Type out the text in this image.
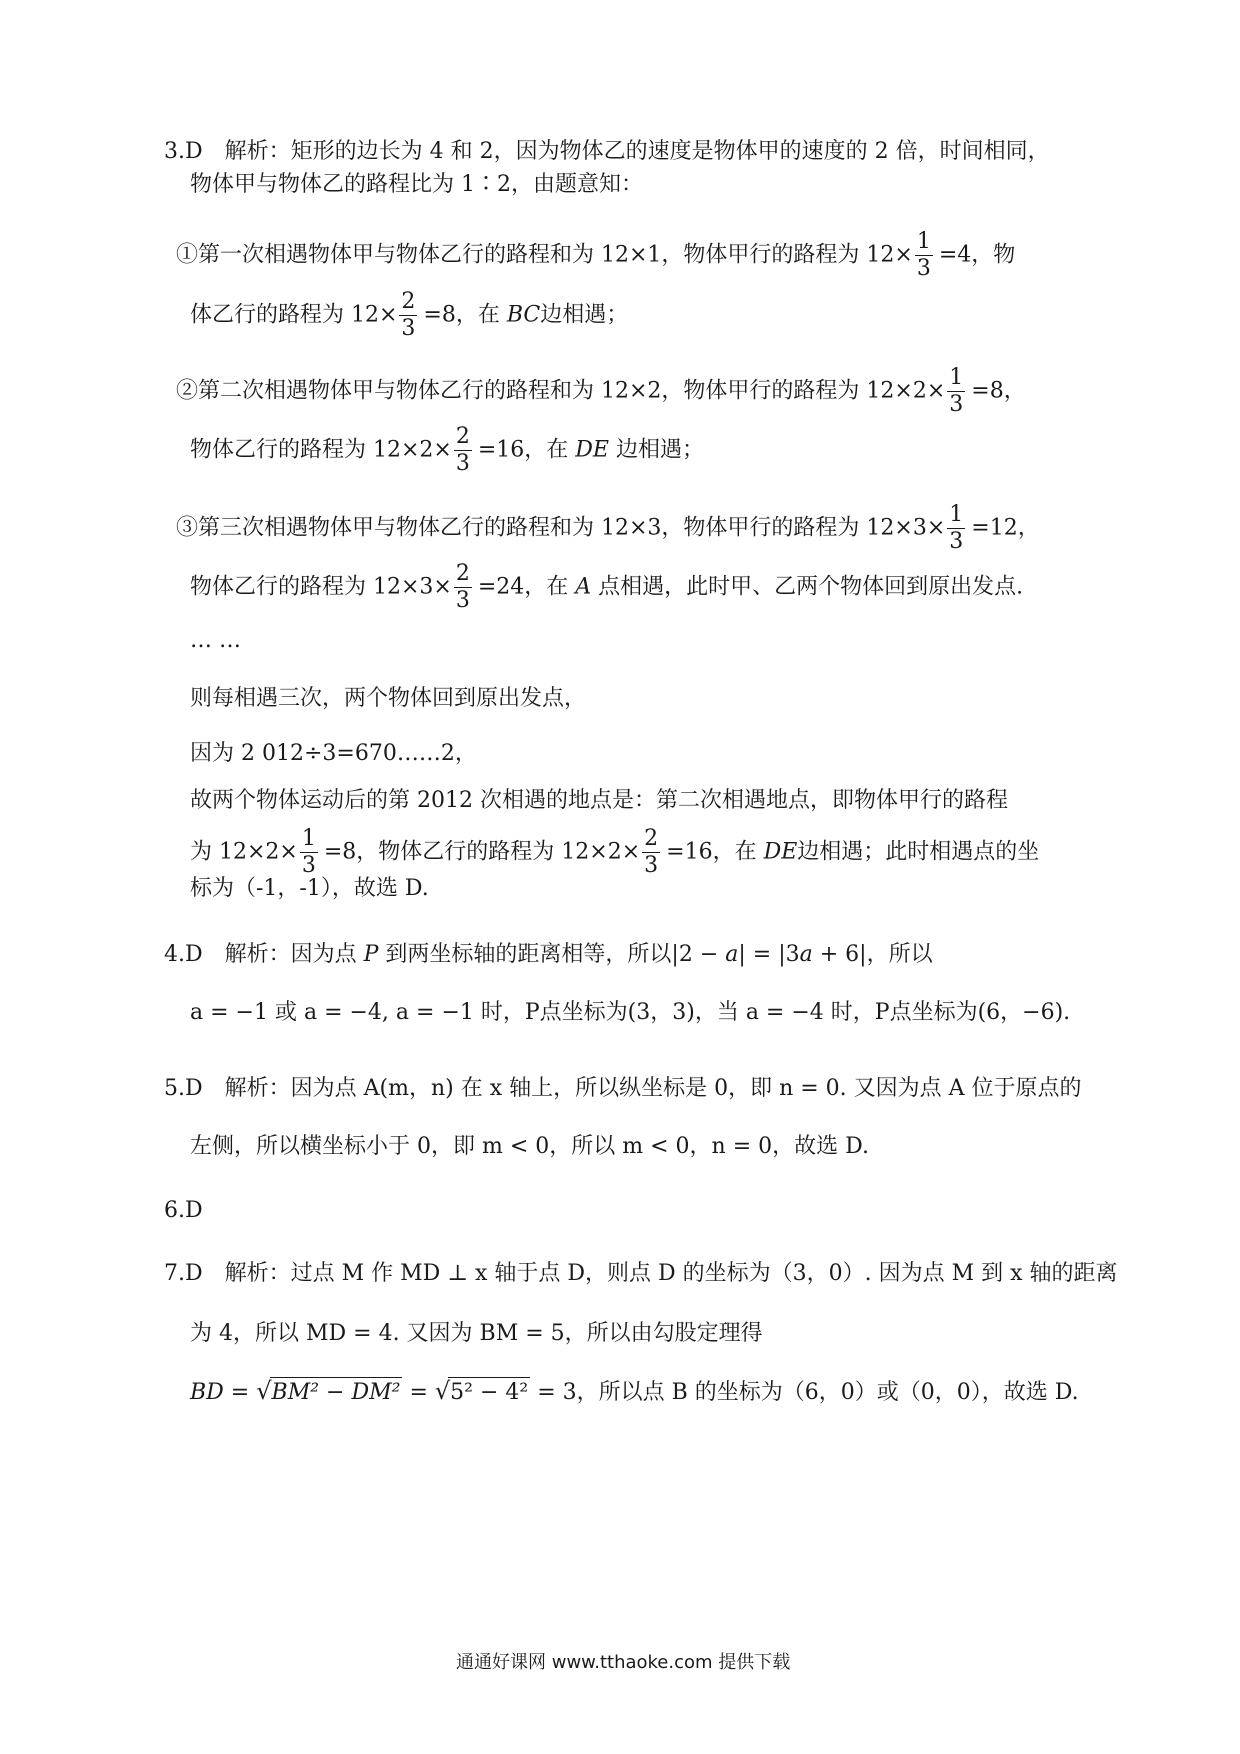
3.D　解析：矩形的边长为 4 和 2，因为物体乙的速度是物体甲的速度的 2 倍，时间相同，
物体甲与物体乙的路程比为 1∶2，由题意知：
①第一次相遇物体甲与物体乙行的路程和为 12×1，物体甲行的路程为 $12\times \frac{1}{3} =4$，物
体乙行的路程为 $12\times \frac{2}{3} =8$，在 BC边相遇；
②第二次相遇物体甲与物体乙行的路程和为 12×2，物体甲行的路程为 $12\times 2\times \frac{1}{3} =8$，
物体乙行的路程为 $12\times 2\times \frac{2}{3} =16$，在 DE 边相遇；
③第三次相遇物体甲与物体乙行的路程和为 12×3，物体甲行的路程为 $12\times 3\times \frac{1}{3} =12$，
物体乙行的路程为 $12\times 3\times \frac{2}{3} =24$，在 A 点相遇，此时甲、乙两个物体回到原出发点.
… …
则每相遇三次，两个物体回到原出发点，
因为 2 012÷3=670……2，
故两个物体运动后的第 2012 次相遇的地点是：第二次相遇地点，即物体甲行的路程
为 $12\times 2\times \frac{1}{3} =8$，物体乙行的路程为 $12\times 2\times \frac{2}{3} =16$，在 DE边相遇；此时相遇点的坐
标为（-1，-1），故选 D.
4.D　解析：因为点 P 到两坐标轴的距离相等，所以|2 − a| = |3a + 6|，所以
a = −1 或 a = −4, a = −1 时，P点坐标为(3，3)，当 a = −4 时，P点坐标为(6，−6).
5.D　解析：因为点 A(m，n) 在 x 轴上，所以纵坐标是 0，即 n = 0. 又因为点 A 位于原点的
左侧，所以横坐标小于 0，即 m < 0，所以 m < 0，n = 0，故选 D.
6.D
7.D　解析：过点 M 作 MD ⊥ x 轴于点 D，则点 D 的坐标为（3，0）. 因为点 M 到 x 轴的距离
为 4，所以 MD = 4. 又因为 BM = 5，所以由勾股定理得
BD = √BM² − DM² = √5² − 4² = 3，所以点 B 的坐标为（6，0）或（0，0），故选 D.
通通好课网 www.tthaoke.com 提供下载
